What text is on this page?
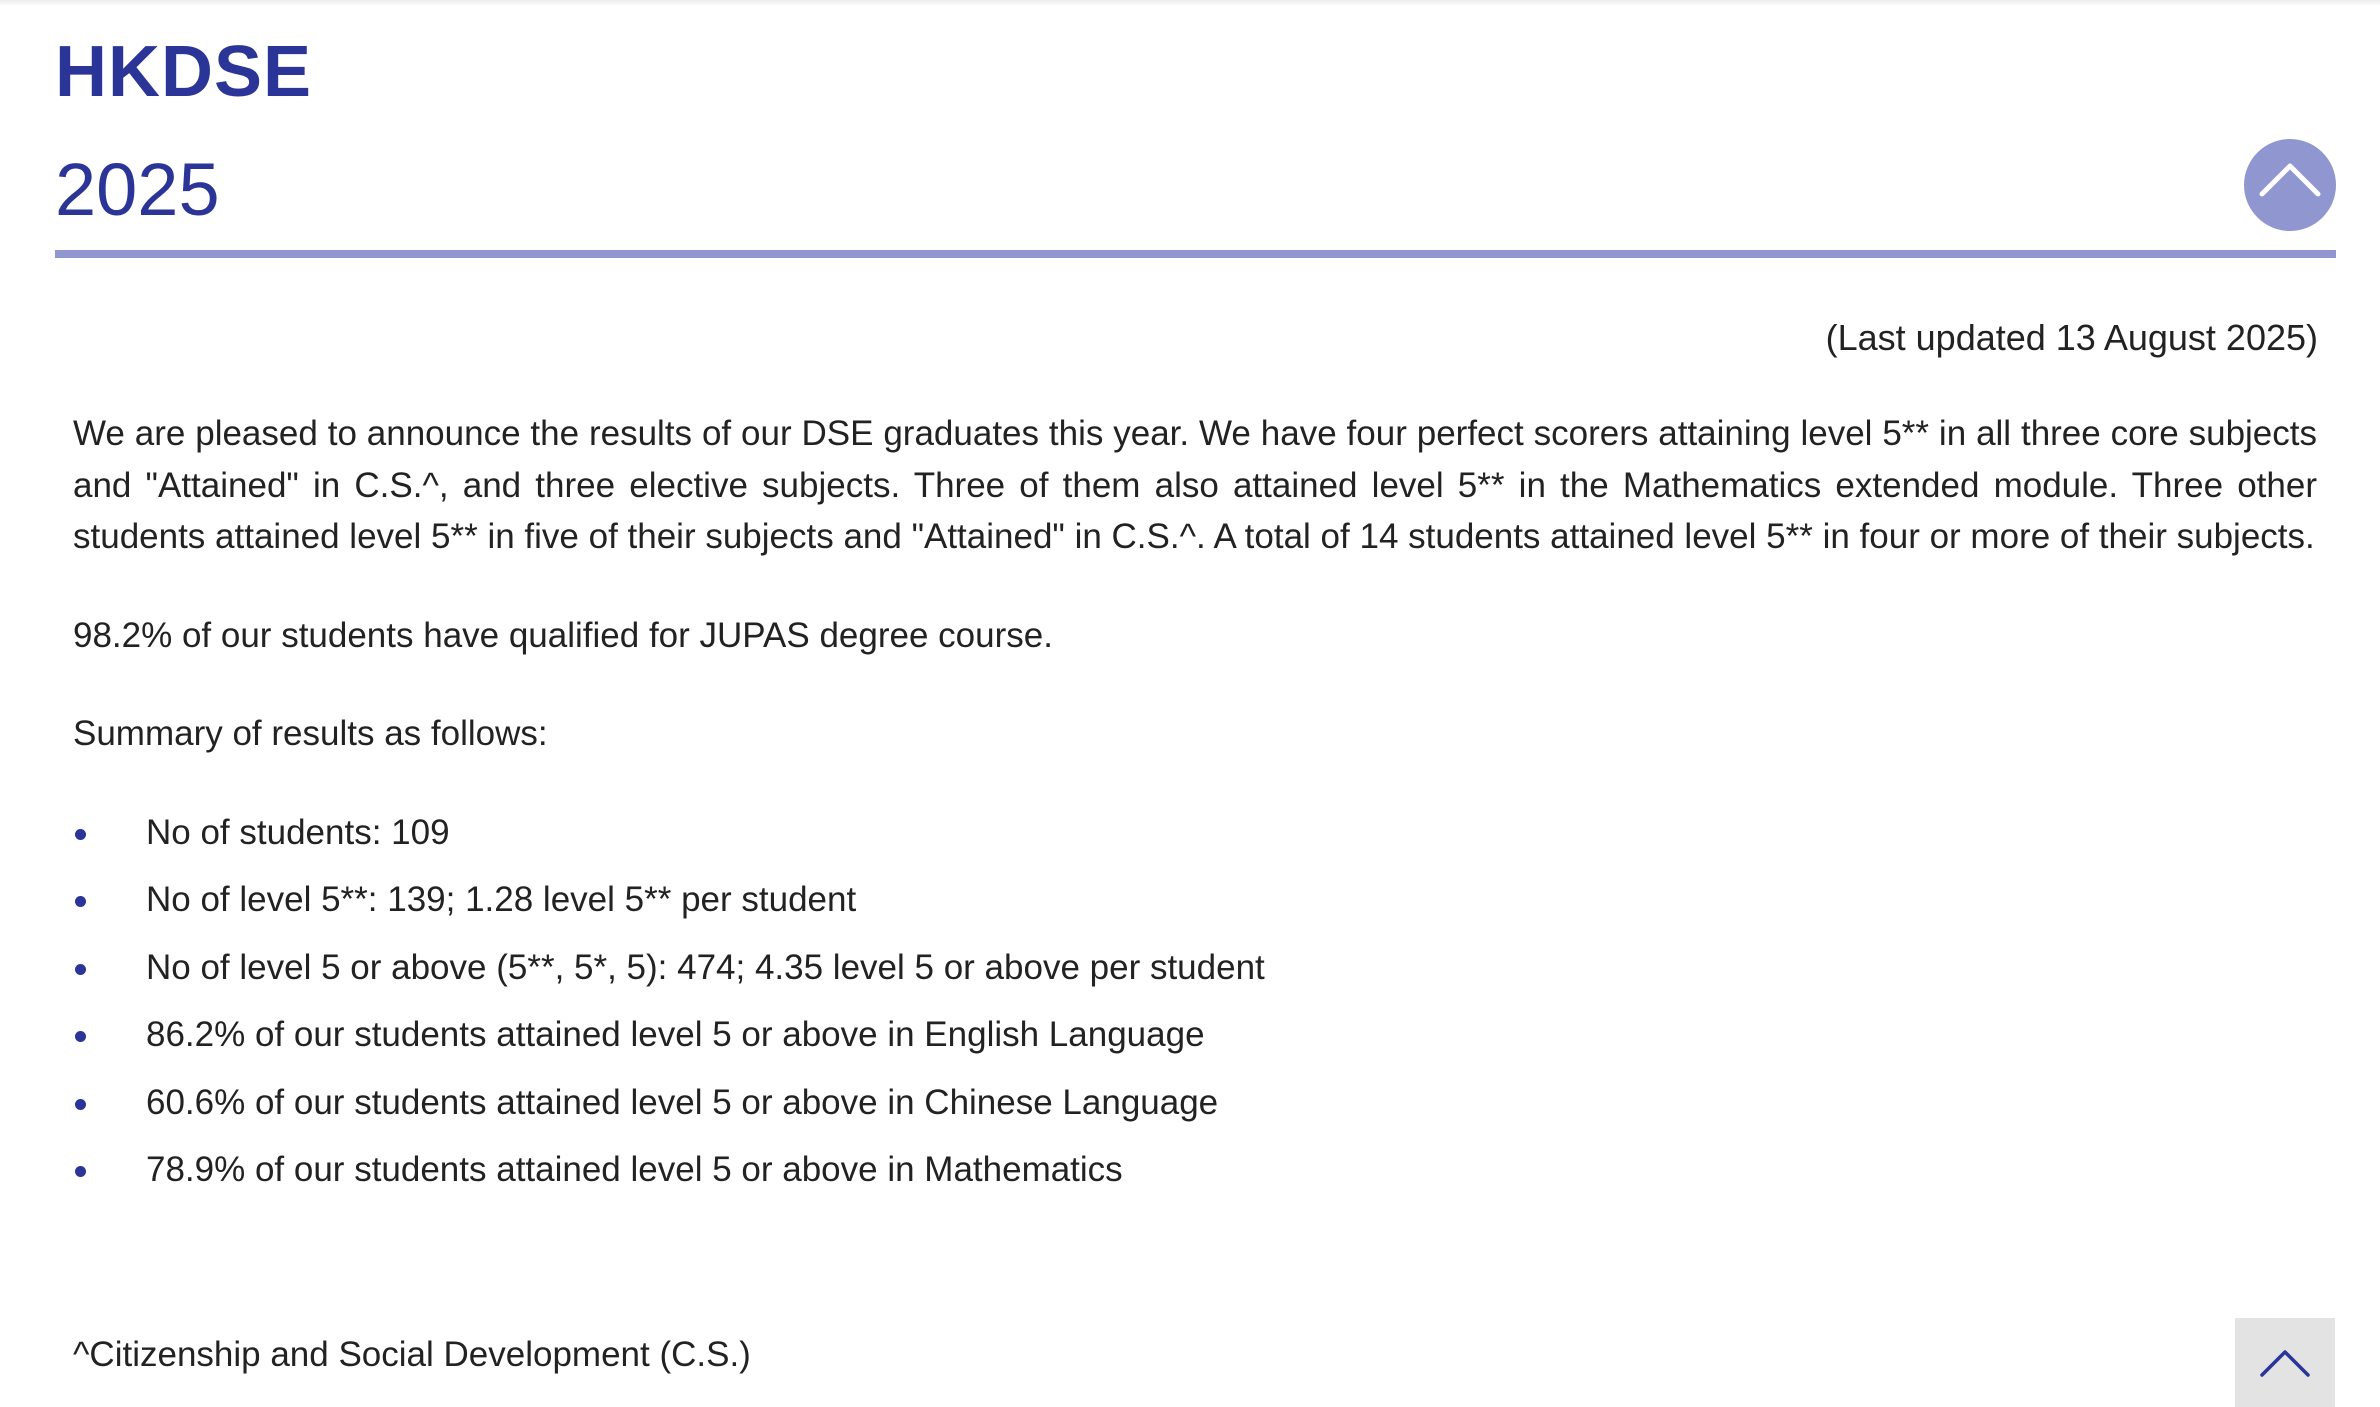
HKDSE
2025
(Last updated 13 August 2025)

We are pleased to announce the results of our DSE graduates this year. We have four perfect scorers attaining level 5** in all three core subjects and "Attained" in C.S.^, and three elective subjects. Three of them also attained level 5** in the Mathematics extended module. Three other students attained level 5** in five of their subjects and "Attained" in C.S.^. A total of 14 students attained level 5** in four or more of their subjects.

98.2% of our students have qualified for JUPAS degree course.

Summary of results as follows:

No of students: 109
No of level 5**: 139; 1.28 level 5** per student
No of level 5 or above (5**, 5*, 5): 474; 4.35 level 5 or above per student
86.2% of our students attained level 5 or above in English Language
60.6% of our students attained level 5 or above in Chinese Language
78.9% of our students attained level 5 or above in Mathematics
^Citizenship and Social Development (C.S.)
